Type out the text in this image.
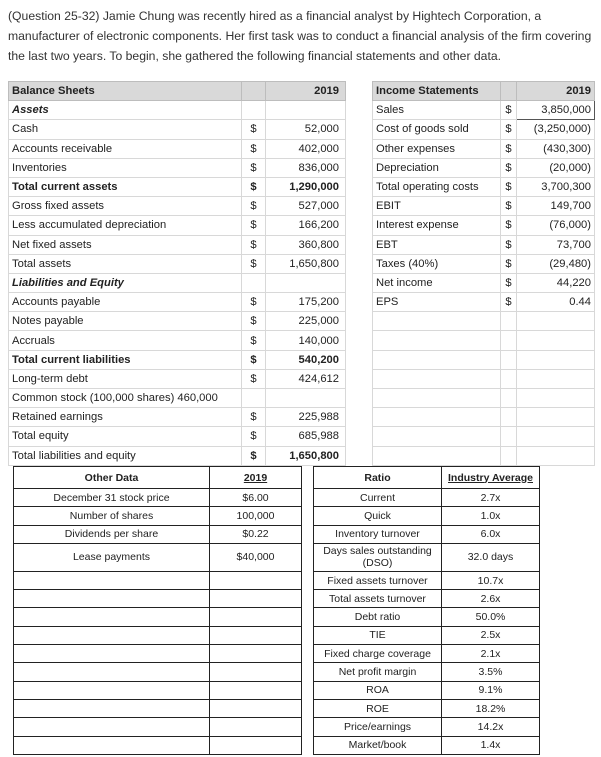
(Question 25-32) Jamie Chung was recently hired as a financial analyst by Hightech Corporation, a manufacturer of electronic components. Her first task was to conduct a financial analysis of the firm covering the last two years. To begin, she gathered the following financial statements and other data.
Balance Sheets		2019
Assets		
Cash	$	52,000
Accounts receivable	$	402,000
Inventories	$	836,000
Total current assets	$	1,290,000
Gross fixed assets	$	527,000
Less accumulated depreciation	$	166,200
Net fixed assets	$	360,800
Total assets	$	1,650,800
Liabilities and Equity		
Accounts payable	$	175,200
Notes payable	$	225,000
Accruals	$	140,000
Total current liabilities	$	540,200
Long-term debt	$	424,612
Common stock (100,000 shares) 460,000		
Retained earnings	$	225,988
Total equity	$	685,988
Total liabilities and equity	$	1,650,800
Income Statements		2019
Sales	$	3,850,000
Cost of goods sold	$	(3,250,000)
Other expenses	$	(430,300)
Depreciation	$	(20,000)
Total operating costs	$	3,700,300
EBIT	$	149,700
Interest expense	$	(76,000)
EBT	$	73,700
Taxes (40%)	$	(29,480)
Net income	$	44,220
EPS	$	0.44

Other Data	2019		Ratio	Industry Average
December 31 stock price	$6.00		Current	2.7x
Number of shares	100,000		Quick	1.0x
Dividends per share	$0.22		Inventory turnover	6.0x
Lease payments	$40,000		Days sales outstanding (DSO)	32.0 days
			Fixed assets turnover	10.7x
			Total assets turnover	2.6x
			Debt ratio	50.0%
			TIE	2.5x
			Fixed charge coverage	2.1x
			Net profit margin	3.5%
			ROA	9.1%
			ROE	18.2%
			Price/earnings	14.2x
			Market/book	1.4x
